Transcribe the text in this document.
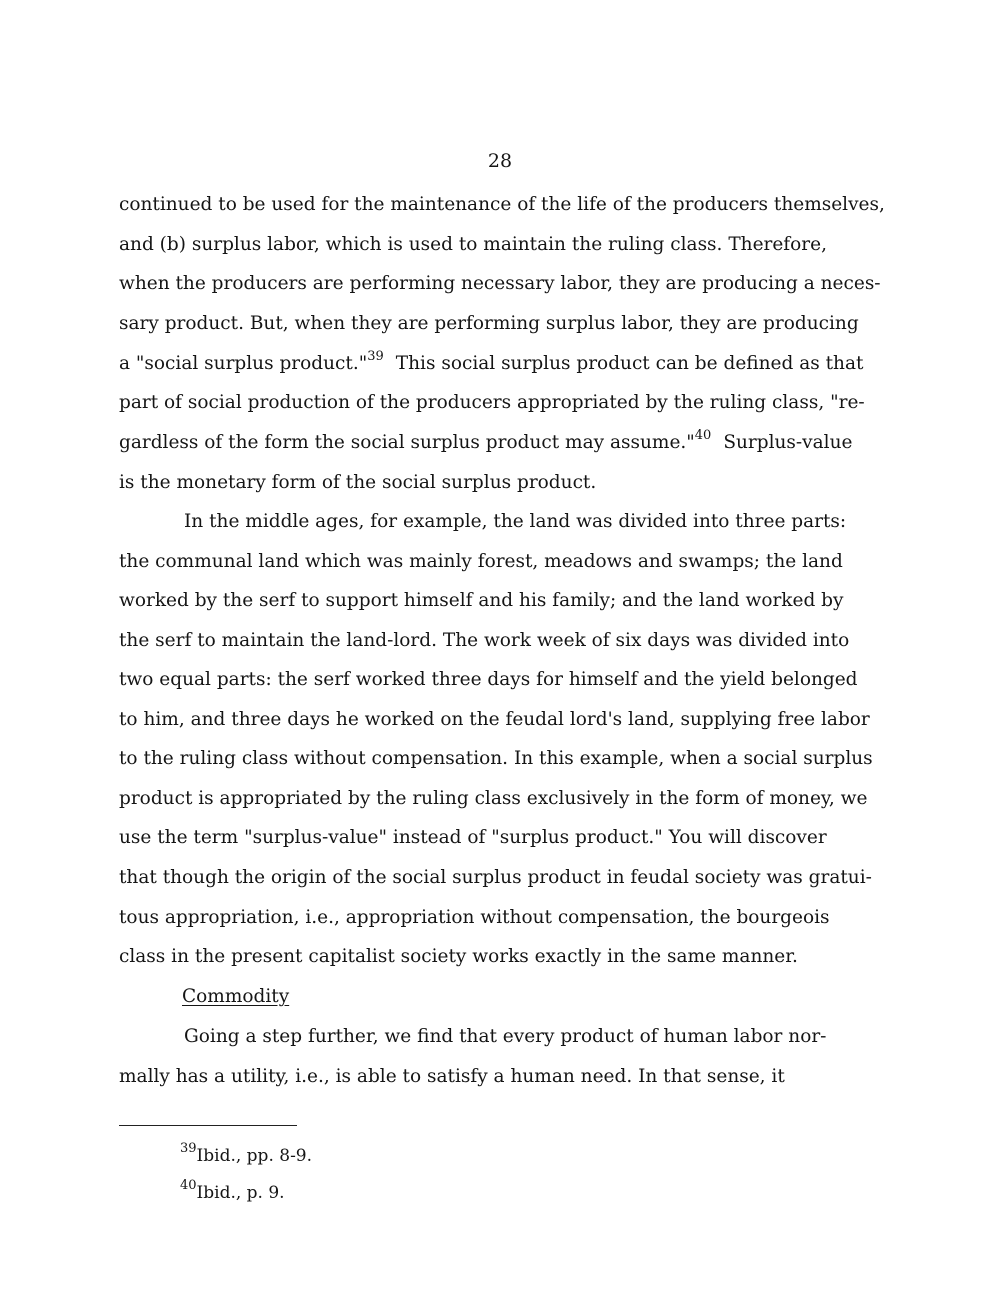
28
continued to be used for the maintenance of the life of the producers themselves,
and (b) surplus labor, which is used to maintain the ruling class. Therefore,
when the producers are performing necessary labor, they are producing a neces-
sary product. But, when they are performing surplus labor, they are producing
a "social surplus product."$^{39}$ This social surplus product can be defined as that
part of social production of the producers appropriated by the ruling class, "re-
gardless of the form the social surplus product may assume."$^{40}$ Surplus-value
is the monetary form of the social surplus product.
In the middle ages, for example, the land was divided into three parts:
the communal land which was mainly forest, meadows and swamps; the land
worked by the serf to support himself and his family; and the land worked by
the serf to maintain the land-lord. The work week of six days was divided into
two equal parts: the serf worked three days for himself and the yield belonged
to him, and three days he worked on the feudal lord's land, supplying free labor
to the ruling class without compensation. In this example, when a social surplus
product is appropriated by the ruling class exclusively in the form of money, we
use the term "surplus-value" instead of "surplus product." You will discover
that though the origin of the social surplus product in feudal society was gratui-
tous appropriation, i.e., appropriation without compensation, the bourgeois
class in the present capitalist society works exactly in the same manner.
Commodity
Going a step further, we find that every product of human labor nor-
mally has a utility, i.e., is able to satisfy a human need. In that sense, it
$^{39}$Ibid., pp. 8-9.
$^{40}$Ibid., p. 9.
